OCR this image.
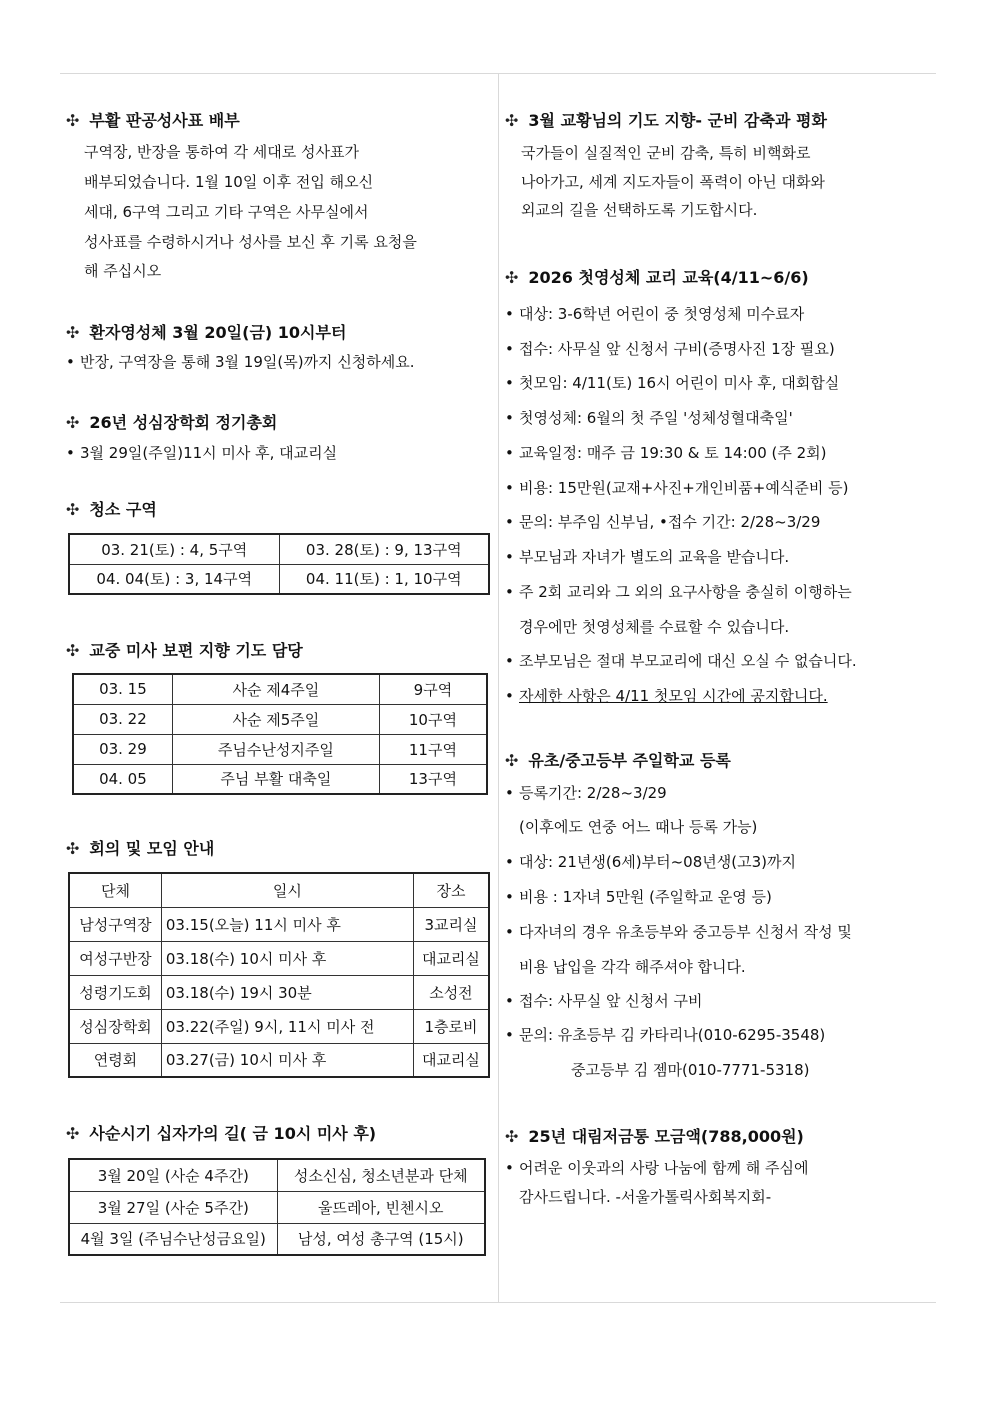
✣ 부활 판공성사표 배부
구역장, 반장을 통하여 각 세대로 성사표가
배부되었습니다. 1월 10일 이후 전입 해오신
세대, 6구역 그리고 기타 구역은 사무실에서
성사표를 수령하시거나 성사를 보신 후 기록 요청을
해 주십시오
✣ 환자영성체 3월 20일(금) 10시부터
• 반장, 구역장을 통해 3월 19일(목)까지 신청하세요.
✣ 26년 성심장학회 정기총회
• 3월 29일(주일)11시 미사 후, 대교리실
✣ 청소 구역
03. 21(토) : 4, 5구역	03. 28(토) : 9, 13구역
04. 04(토) : 3, 14구역	04. 11(토) : 1, 10구역
✣ 교중 미사 보편 지향 기도 담당
03. 15	사순 제4주일	9구역
03. 22	사순 제5주일	10구역
03. 29	주님수난성지주일	11구역
04. 05	주님 부활 대축일	13구역
✣ 회의 및 모임 안내
단체	일시	장소
남성구역장	03.15(오늘) 11시 미사 후	3교리실
여성구반장	03.18(수) 10시 미사 후	대교리실
성령기도회	03.18(수) 19시 30분	소성전
성심장학회	03.22(주일) 9시, 11시 미사 전	1층로비
연령회	03.27(금) 10시 미사 후	대교리실
✣ 사순시기 십자가의 길( 금 10시 미사 후)
3월 20일 (사순 4주간)	성소신심, 청소년분과 단체
3월 27일 (사순 5주간)	울뜨레아, 빈첸시오
4월 3일 (주님수난성금요일)	남성, 여성 총구역 (15시)
✣ 3월 교황님의 기도 지향- 군비 감축과 평화
국가들이 실질적인 군비 감축, 특히 비핵화로
나아가고, 세계 지도자들이 폭력이 아닌 대화와
외교의 길을 선택하도록 기도합시다.
✣ 2026 첫영성체 교리 교육(4/11~6/6)
• 대상: 3-6학년 어린이 중 첫영성체 미수료자
• 접수: 사무실 앞 신청서 구비(증명사진 1장 필요)
• 첫모임: 4/11(토) 16시 어린이 미사 후, 대회합실
• 첫영성체: 6월의 첫 주일 '성체성혈대축일'
• 교육일정: 매주 금 19:30 & 토 14:00 (주 2회)
• 비용: 15만원(교재+사진+개인비품+예식준비 등)
• 문의: 부주임 신부님, •접수 기간: 2/28~3/29
• 부모님과 자녀가 별도의 교육을 받습니다.
• 주 2회 교리와 그 외의 요구사항을 충실히 이행하는
경우에만 첫영성체를 수료할 수 있습니다.
• 조부모님은 절대 부모교리에 대신 오실 수 없습니다.
• 자세한 사항은 4/11 첫모임 시간에 공지합니다.
✣ 유초/중고등부 주일학교 등록
• 등록기간: 2/28~3/29
(이후에도 연중 어느 때나 등록 가능)
• 대상: 21년생(6세)부터~08년생(고3)까지
• 비용 : 1자녀 5만원 (주일학교 운영 등)
• 다자녀의 경우 유초등부와 중고등부 신청서 작성 및
비용 납입을 각각 해주셔야 합니다.
• 접수: 사무실 앞 신청서 구비
• 문의: 유초등부 김 카타리나(010-6295-3548)
중고등부 김 젬마(010-7771-5318)
✣ 25년 대림저금통 모금액(788,000원)
• 어려운 이웃과의 사랑 나눔에 함께 해 주심에
감사드립니다. -서울가톨릭사회복지회-
